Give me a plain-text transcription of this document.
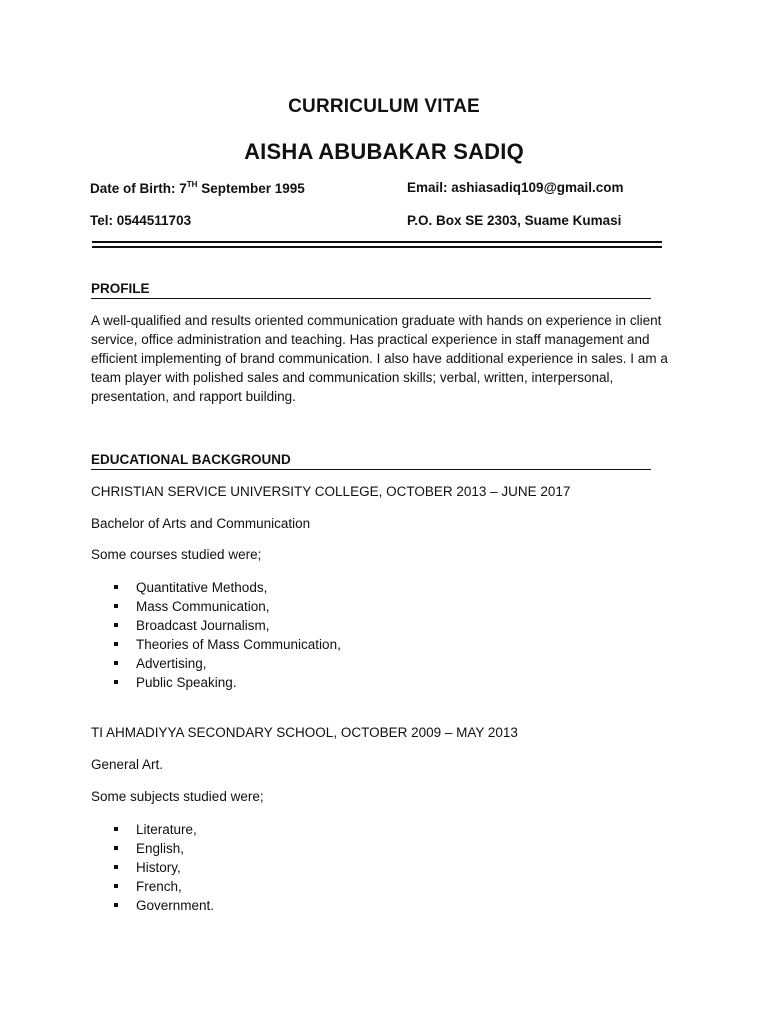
CURRICULUM VITAE
AISHA ABUBAKAR SADIQ
Date of Birth: 7TH September 1995	Email: ashiasadiq109@gmail.com
Tel: 0544511703	P.O. Box SE 2303, Suame Kumasi
PROFILE

A well-qualified and results oriented communication graduate with hands on experience in client service, office administration and teaching. Has practical experience in staff management and efficient implementing of brand communication. I also have additional experience in sales. I am a team player with polished sales and communication skills; verbal, written, interpersonal, presentation, and rapport building.

EDUCATIONAL BACKGROUND
CHRISTIAN SERVICE UNIVERSITY COLLEGE, OCTOBER 2013 – JUNE 2017
Bachelor of Arts and Communication
Some courses studied were;
Quantitative Methods,
Mass Communication,
Broadcast Journalism,
Theories of Mass Communication,
Advertising,
Public Speaking.
TI AHMADIYYA SECONDARY SCHOOL, OCTOBER 2009 – MAY 2013
General Art.
Some subjects studied were;
Literature,
English,
History,
French,
Government.
